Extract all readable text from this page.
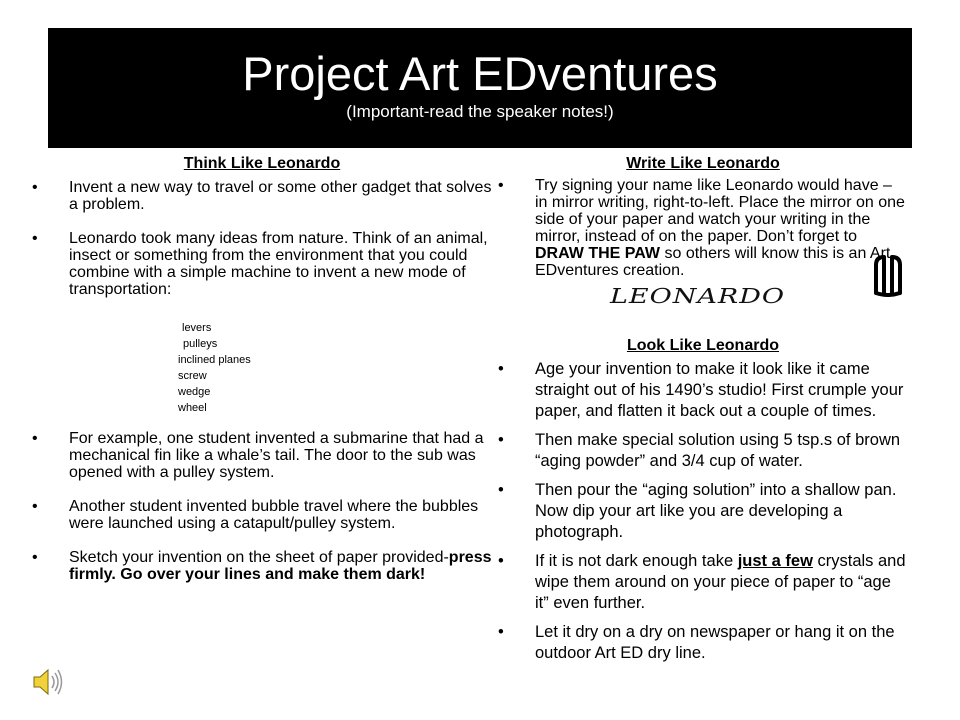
Project Art EDventures
(Important-read the speaker notes!)
Think Like Leonardo
• Invent a new way to travel or some other gadget that solves a problem.
• Leonardo took many ideas from nature. Think of an animal, insect or something from the environment that you could combine with a simple machine to invent a new mode of transportation:
levers
pulleys
inclined planes
screw
wedge
wheel
• For example, one student invented a submarine that had a mechanical fin like a whale’s tail. The door to the sub was opened with a pulley system.
• Another student invented bubble travel where the bubbles were launched using a catapult/pulley system.
• Sketch your invention on the sheet of paper provided-press firmly. Go over your lines and make them dark!
Write Like Leonardo
• Try signing your name like Leonardo would have – in mirror writing, right-to-left. Place the mirror on one side of your paper and watch your writing in the mirror, instead of on the paper. Don’t forget to DRAW THE PAW so others will know this is an Art EDventures creation.
LEONARDO
Look Like Leonardo
• Age your invention to make it look like it came straight out of his 1490’s studio! First crumple your paper, and flatten it back out a couple of times.
• Then make special solution using 5 tsp.s of brown “aging powder” and 3/4 cup of water.
• Then pour the “aging solution” into a shallow pan. Now dip your art like you are developing a photograph.
• If it is not dark enough take just a few crystals and wipe them around on your piece of paper to “age it” even further.
• Let it dry on a dry on newspaper or hang it on the outdoor Art ED dry line.
